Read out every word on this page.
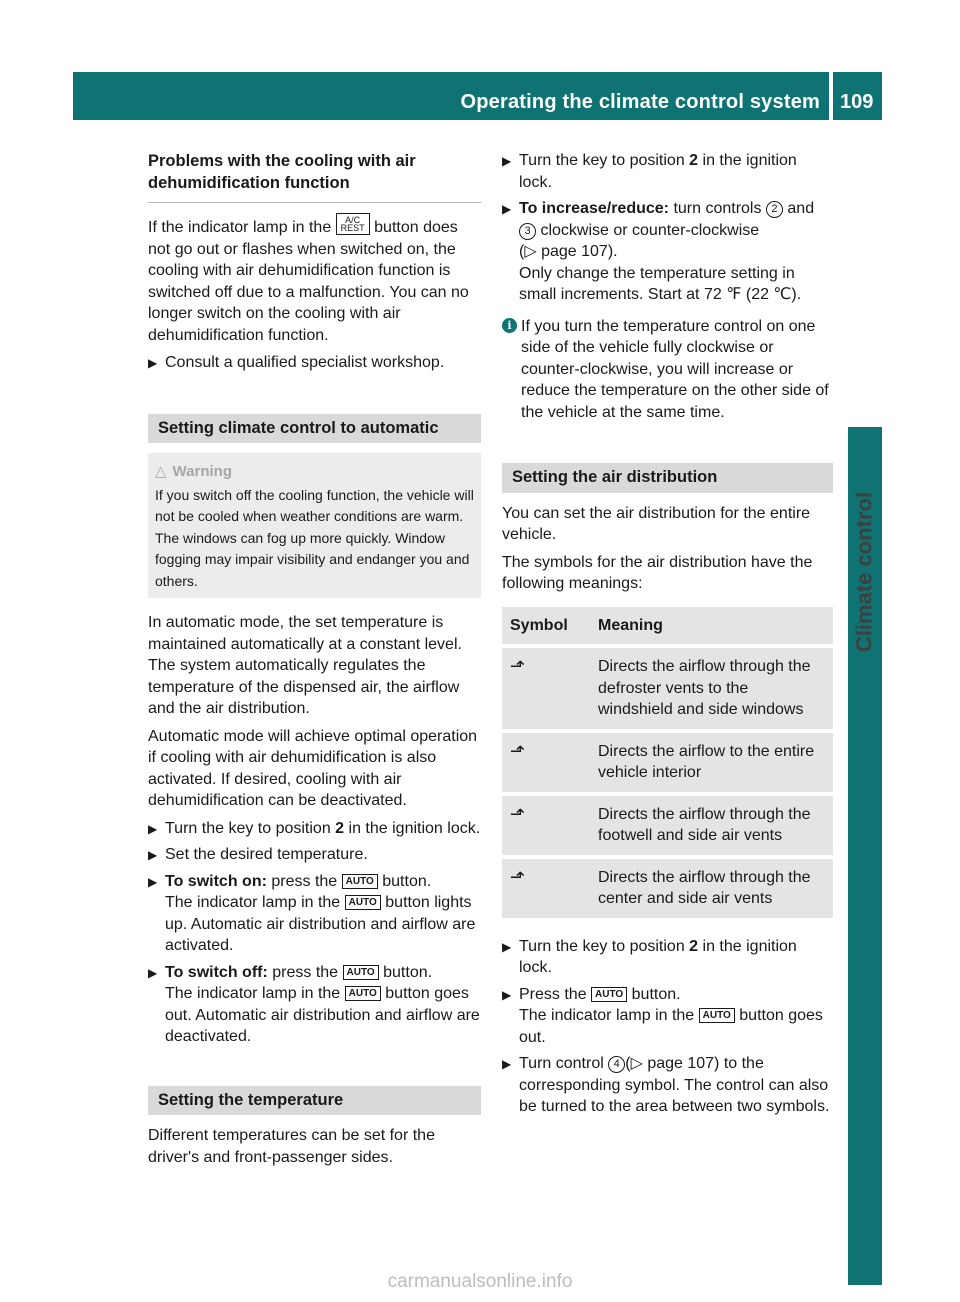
Operating the climate control system 109
Climate control
Problems with the cooling with air dehumidification function

If the indicator lamp in the A/C
REST button does not go out or flashes when switched on, the cooling with air dehumidification function is switched off due to a malfunction. You can no longer switch on the cooling with air dehumidification function.

▶ Consult a qualified specialist workshop.
Setting climate control to automatic
△ Warning
If you switch off the cooling function, the vehicle will not be cooled when weather conditions are warm. The windows can fog up more quickly. Window fogging may impair visibility and endanger you and others.

In automatic mode, the set temperature is maintained automatically at a constant level. The system automatically regulates the temperature of the dispensed air, the airflow and the air distribution.

Automatic mode will achieve optimal operation if cooling with air dehumidification is also activated. If desired, cooling with air dehumidification can be deactivated.

▶ Turn the key to position 2 in the ignition lock.
▶ Set the desired temperature.
▶ To switch on: press the AUTO button.
The indicator lamp in the AUTO button lights up. Automatic air distribution and airflow are activated.
▶ To switch off: press the AUTO button.
The indicator lamp in the AUTO button goes out. Automatic air distribution and airflow are deactivated.
Setting the temperature

Different temperatures can be set for the driver's and front-passenger sides.

▶ Turn the key to position 2 in the ignition lock.
▶ To increase/reduce: turn controls 2 and
3 clockwise or counter-clockwise
(▷ page 107).
Only change the temperature setting in small increments. Start at 72 ℉ (22 ℃).
i If you turn the temperature control on one side of the vehicle fully clockwise or counter-clockwise, you will increase or reduce the temperature on the other side of the vehicle at the same time.
Setting the air distribution

You can set the air distribution for the entire vehicle.

The symbols for the air distribution have the following meanings:

Symbol	Meaning
⬏	Directs the airflow through the defroster vents to the windshield and side windows
⬏	Directs the airflow to the entire vehicle interior
⬏	Directs the airflow through the footwell and side air vents
⬏	Directs the airflow through the center and side air vents
▶ Turn the key to position 2 in the ignition lock.
▶ Press the AUTO button.
The indicator lamp in the AUTO button goes out.
▶ Turn control 4 (▷ page 107) to the corresponding symbol. The control can also be turned to the area between two symbols.
carmanualsonline.info
